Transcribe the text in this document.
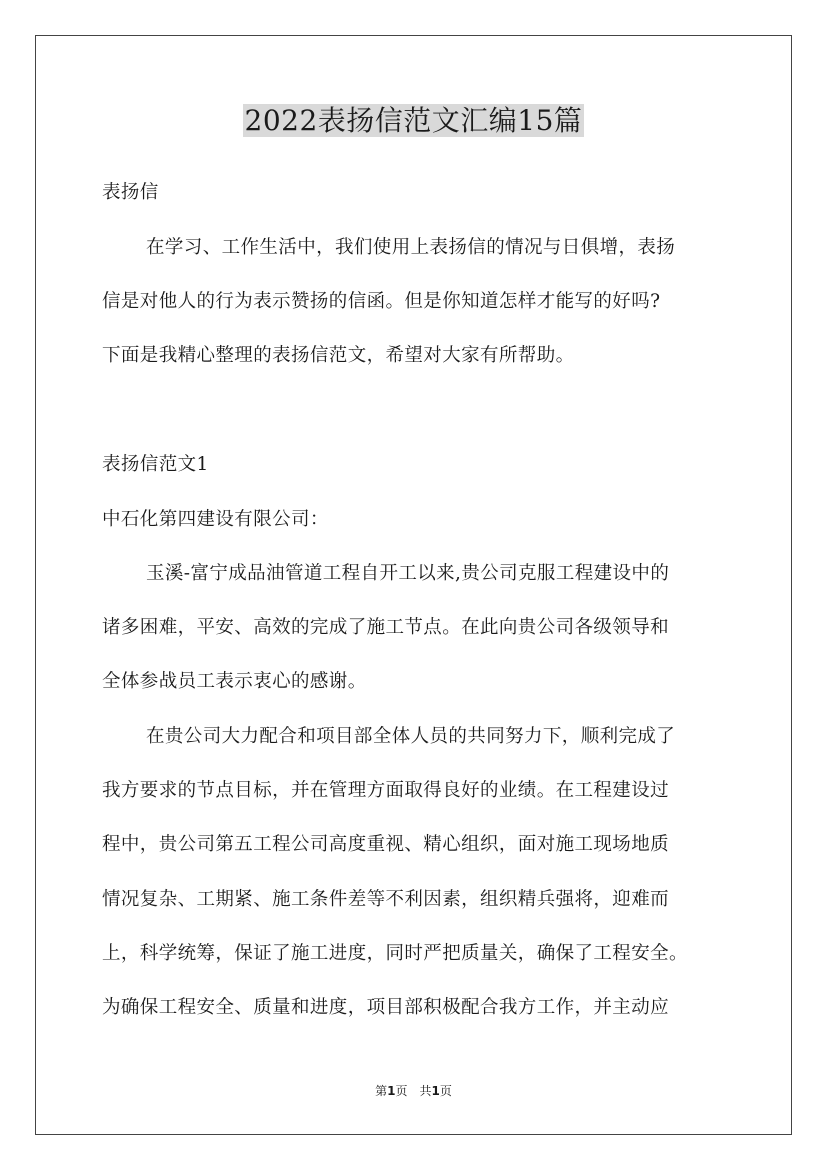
2022表扬信范文汇编15篇
表扬信
在学习、工作生活中，我们使用上表扬信的情况与日俱增，表扬
信是对他人的行为表示赞扬的信函。但是你知道怎样才能写的好吗?
下面是我精心整理的表扬信范文，希望对大家有所帮助。
表扬信范文1
中石化第四建设有限公司：
玉溪-富宁成品油管道工程自开工以来,贵公司克服工程建设中的
诸多困难，平安、高效的完成了施工节点。在此向贵公司各级领导和
全体参战员工表示衷心的感谢。
在贵公司大力配合和项目部全体人员的共同努力下，顺利完成了
我方要求的节点目标，并在管理方面取得良好的业绩。在工程建设过
程中，贵公司第五工程公司高度重视、精心组织，面对施工现场地质
情况复杂、工期紧、施工条件差等不利因素，组织精兵强将，迎难而
上，科学统筹，保证了施工进度，同时严把质量关，确保了工程安全。
为确保工程安全、质量和进度，项目部积极配合我方工作，并主动应
第1页　共1页
